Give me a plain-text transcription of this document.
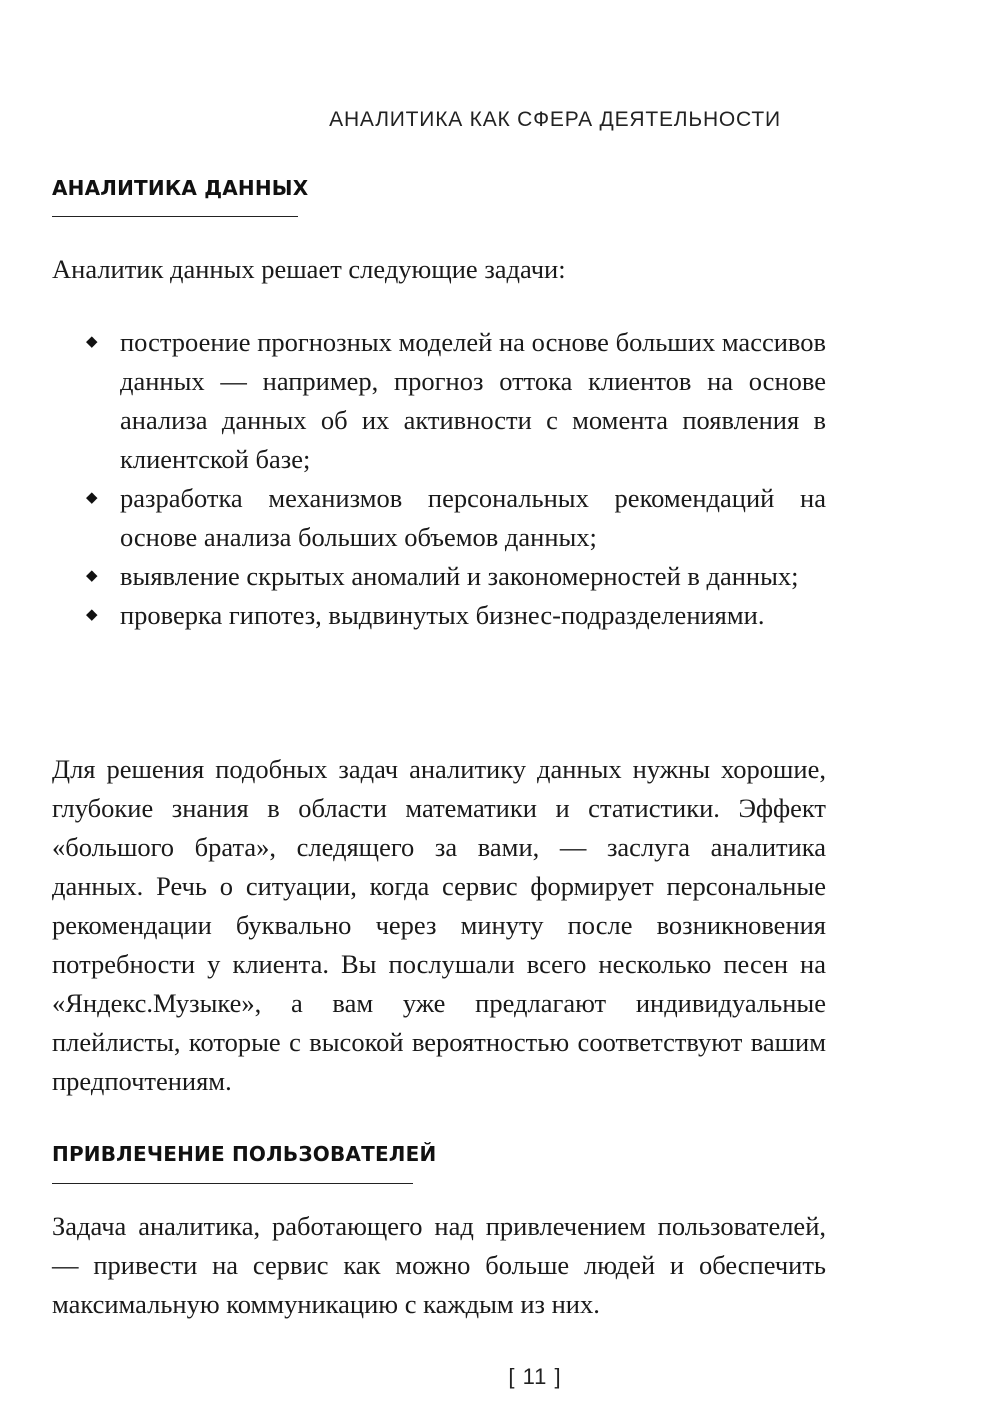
АНАЛИТИКА КАК СФЕРА ДЕЯТЕЛЬНОСТИ
АНАЛИТИКА ДАННЫХ
Аналитик данных решает следующие задачи:
◆ построение прогнозных моделей на основе больших массивов данных — например, прогноз оттока клиентов на основе анализа данных об их активности с момента появления в клиентской базе;
◆ разработка механизмов персональных рекомендаций на основе анализа больших объемов данных;
◆ выявление скрытых аномалий и закономерностей в данных;
◆ проверка гипотез, выдвинутых бизнес-подразделениями.

Для решения подобных задач аналитику данных нужны хорошие, глубокие знания в области математики и статистики. Эффект «большого брата», следящего за вами, — заслуга аналитика данных. Речь о ситуации, когда сервис формирует персональные рекомендации буквально через минуту после возникновения потребности у клиента. Вы послушали всего несколько песен на «Яндекс.Музыке», а вам уже предлагают индивидуальные плейлисты, которые с высокой вероятностью соответствуют вашим предпочтениям.

ПРИВЛЕЧЕНИЕ ПОЛЬЗОВАТЕЛЕЙ

Задача аналитика, работающего над привлечением пользователей, — привести на сервис как можно больше людей и обеспечить максимальную коммуникацию с каждым из них.

[ 11 ]
